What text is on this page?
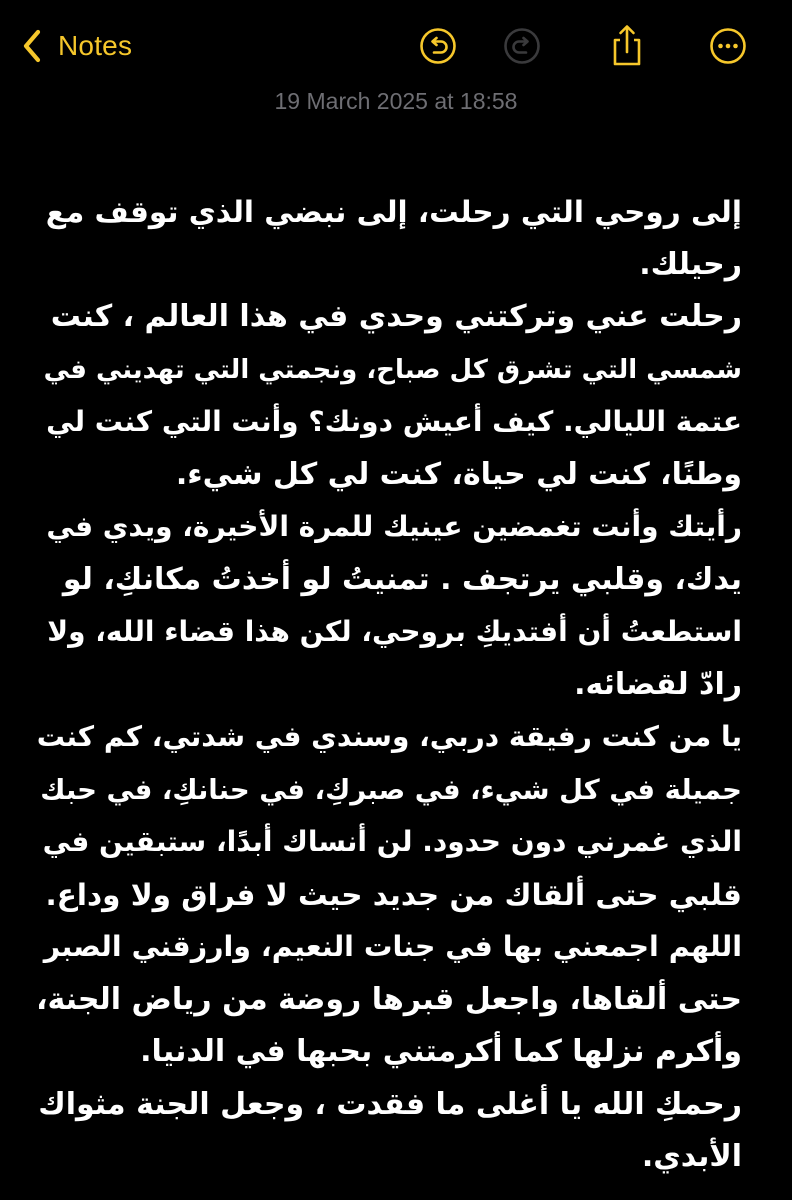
Notes
19 March 2025 at 18:58
إلى روحي التي رحلت، إلى نبضي الذي توقف مع
رحيلك.
رحلت عني وتركتني وحدي في هذا العالم ، كنت
شمسي التي تشرق كل صباح، ونجمتي التي تهديني في
عتمة الليالي. كيف أعيش دونك؟ وأنت التي كنت لي
وطنًا، كنت لي حياة، كنت لي كل شيء.
رأيتك وأنت تغمضين عينيك للمرة الأخيرة، ويدي في
يدك، وقلبي يرتجف . تمنيتُ لو أخذتُ مكانكِ، لو
استطعتُ أن أفتديكِ بروحي، لكن هذا قضاء الله، ولا
رادّ لقضائه.
يا من كنت رفيقة دربي، وسندي في شدتي، كم كنت
جميلة في كل شيء، في صبركِ، في حنانكِ، في حبك
الذي غمرني دون حدود. لن أنساك أبدًا، ستبقين في
قلبي حتى ألقاك من جديد حيث لا فراق ولا وداع.
اللهم اجمعني بها في جنات النعيم، وارزقني الصبر
حتى ألقاها، واجعل قبرها روضة من رياض الجنة،
وأكرم نزلها كما أكرمتني بحبها في الدنيا.
رحمكِ الله يا أغلى ما فقدت ، وجعل الجنة مثواك
الأبدي.
